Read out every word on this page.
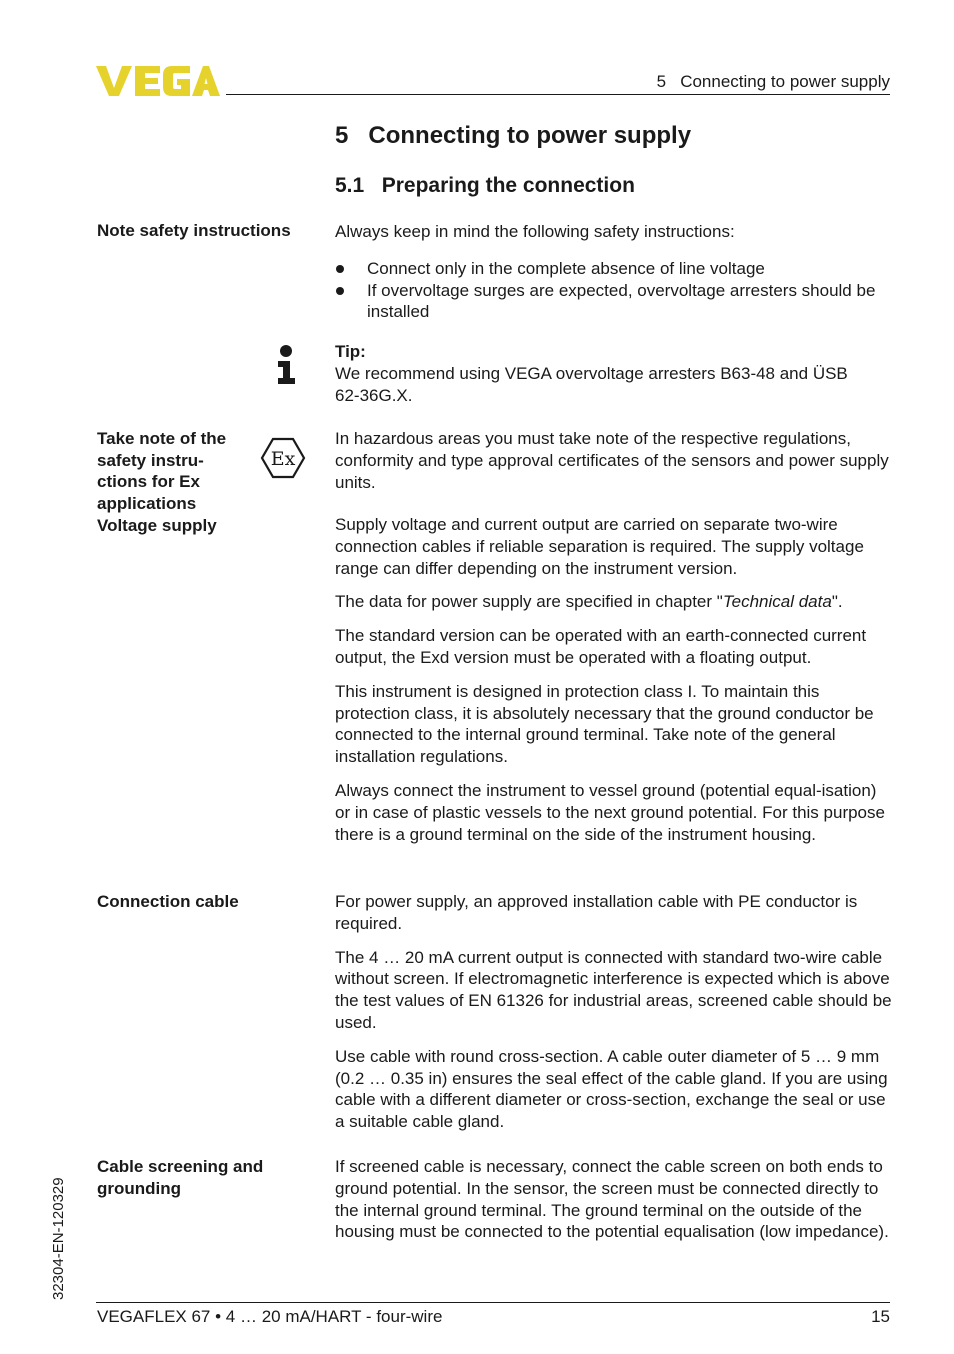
5   Connecting to power supply
5 Connecting to power supply
5.1 Preparing the connection
Note safety instructions
Take note of the safety instru-ctions for Ex applications
Voltage supply
Connection cable
Cable screening and grounding
Ex

Always keep in mind the following safety instructions:

Connect only in the complete absence of line voltage
If overvoltage surges are expected, overvoltage arresters should be installed

Tip:

We recommend using VEGA overvoltage arresters B63-48 and ÜSB 62-36G.X.

In hazardous areas you must take note of the respective regulations, conformity and type approval certificates of the sensors and power supply units.

Supply voltage and current output are carried on separate two-wire connection cables if reliable separation is required. The supply voltage range can differ depending on the instrument version.

The data for power supply are specified in chapter "Technical data".

The standard version can be operated with an earth-connected current output, the Exd version must be operated with a floating output.

This instrument is designed in protection class I. To maintain this protection class, it is absolutely necessary that the ground conductor be connected to the internal ground terminal. Take note of the general installation regulations.

Always connect the instrument to vessel ground (potential equal-isation) or in case of plastic vessels to the next ground potential. For this purpose there is a ground terminal on the side of the instrument housing.

For power supply, an approved installation cable with PE conductor is required.

The 4 … 20 mA current output is connected with standard two-wire cable without screen. If electromagnetic interference is expected which is above the test values of EN 61326 for industrial areas, screened cable should be used.

Use cable with round cross-section. A cable outer diameter of 5 … 9 mm (0.2 … 0.35 in) ensures the seal effect of the cable gland. If you are using cable with a different diameter or cross-section, exchange the seal or use a suitable cable gland.

If screened cable is necessary, connect the cable screen on both ends to ground potential. In the sensor, the screen must be connected directly to the internal ground terminal. The ground terminal on the outside of the housing must be connected to the potential equalisation (low impedance).

32304-EN-120329
VEGAFLEX 67 • 4 … 20 mA/HART - four-wire	15
